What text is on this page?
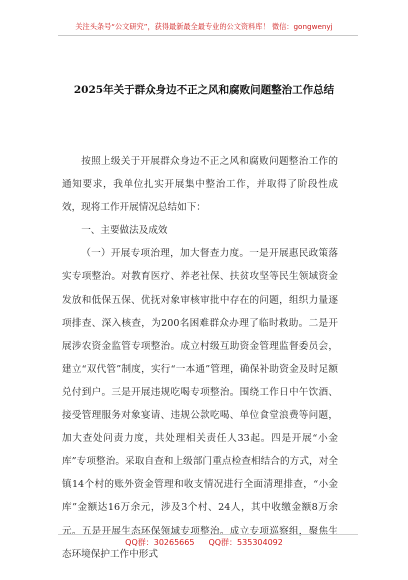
关注头条号“公文研究”，获得最新最全最专业的公文资料库！ 微信：gongwenyj
2025年关于群众身边不正之风和腐败问题整治工作总结

按照上级关于开展群众身边不正之风和腐败问题整治工作的通知要求，我单位扎实开展集中整治工作，并取得了阶段性成效，现将工作开展情况总结如下：

一、主要做法及成效

（一）开展专项治理，加大督查力度。一是开展惠民政策落实专项整治。对教育医疗、养老社保、扶贫攻坚等民生领域资金发放和低保五保、优抚对象审核审批中存在的问题，组织力量逐项排查、深入核查，为200名困难群众办理了临时救助。二是开展涉农资金监管专项整治。成立村级互助资金管理监督委员会，建立“双代管”制度，实行“一本通”管理，确保补助资金及时足额兑付到户。三是开展违规吃喝专项整治。围绕工作日中午饮酒、接受管理服务对象宴请、违规公款吃喝、单位食堂浪费等问题，加大查处问责力度，共处理相关责任人33起。四是开展“小金库”专项整治。采取自查和上级部门重点检查相结合的方式，对全镇14个村的账外资金管理和收支情况进行全面清理排查，“小金库”金额达16万余元，涉及3个村、24人，其中收缴金额8万余元。五是开展生态环保领域专项整治。成立专项巡察组，聚焦生态环境保护工作中形式

QQ群：30265665 QQ群：535304092
